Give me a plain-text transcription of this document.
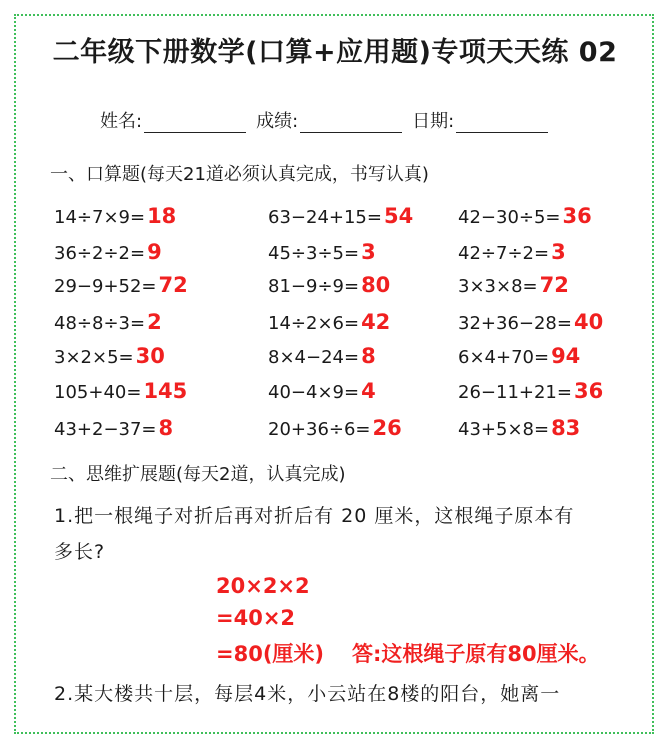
二年级下册数学(口算+应用题)专项天天练 02
姓名:	成绩:	日期:
一、口算题(每天21道必须认真完成，书写认真)
14÷7×9= 18	63−24+15= 54 42−30÷5= 36
36÷2÷2= 9	45÷3÷5= 3	42÷7÷2= 3
29−9+52= 72	81−9÷9= 80	3×3×8= 72
48÷8÷3= 2	14÷2×6= 42	32+36−28= 40
3×2×5= 30	8×4−24= 8	6×4+70= 94
105+40= 145	40−4×9= 4	26−11+21= 36
43+2−37= 8	20+36÷6= 26	43+5×8= 83
二、思维扩展题(每天2道，认真完成)
1.把一根绳子对折后再对折后有 20 厘米，这根绳子原本有
多长?
20×2×2
=40×2
=80(厘米) 答:这根绳子原有80厘米。
2.某大楼共十层，每层4米，小云站在8楼的阳台，她离一
